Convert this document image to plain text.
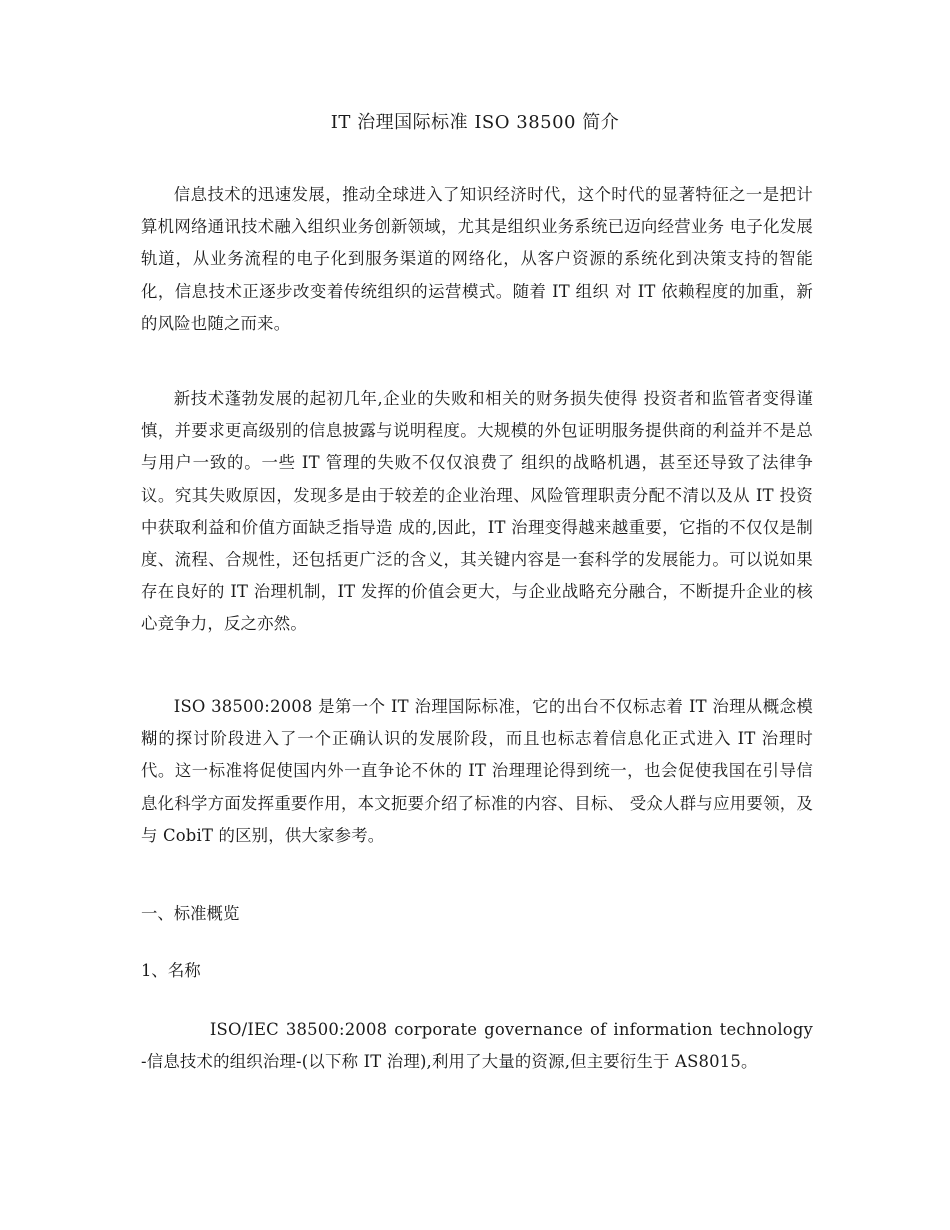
IT 治理国际标准 ISO 38500 简介
信息技术的迅速发展，推动全球进入了知识经济时代，这个时代的显著特征之一是把计算机网络通讯技术融入组织业务创新领域，尤其是组织业务系统已迈向经营业务 电子化发展轨道，从业务流程的电子化到服务渠道的网络化，从客户资源的系统化到决策支持的智能化，信息技术正逐步改变着传统组织的运营模式。随着 IT 组织 对 IT 依赖程度的加重，新的风险也随之而来。
新技术蓬勃发展的起初几年,企业的失败和相关的财务损失使得 投资者和监管者变得谨慎，并要求更高级别的信息披露与说明程度。大规模的外包证明服务提供商的利益并不是总与用户一致的。一些 IT 管理的失败不仅仅浪费了 组织的战略机遇，甚至还导致了法律争议。究其失败原因，发现多是由于较差的企业治理、风险管理职责分配不清以及从 IT 投资中获取利益和价值方面缺乏指导造 成的,因此，IT 治理变得越来越重要，它指的不仅仅是制度、流程、合规性，还包括更广泛的含义，其关键内容是一套科学的发展能力。可以说如果存在良好的 IT 治理机制，IT 发挥的价值会更大，与企业战略充分融合，不断提升企业的核心竞争力，反之亦然。
ISO 38500:2008 是第一个 IT 治理国际标准，它的出台不仅标志着 IT 治理从概念模糊的探讨阶段进入了一个正确认识的发展阶段，而且也标志着信息化正式进入 IT 治理时代。这一标准将促使国内外一直争论不休的 IT 治理理论得到统一，也会促使我国在引导信息化科学方面发挥重要作用，本文扼要介绍了标准的内容、目标、 受众人群与应用要领，及与 CobiT 的区别，供大家参考。
一、标准概览
1、名称
ISO/IEC 38500:2008 corporate governance of information technology -信息技术的组织治理-(以下称 IT 治理),利用了大量的资源,但主要衍生于 AS8015。
